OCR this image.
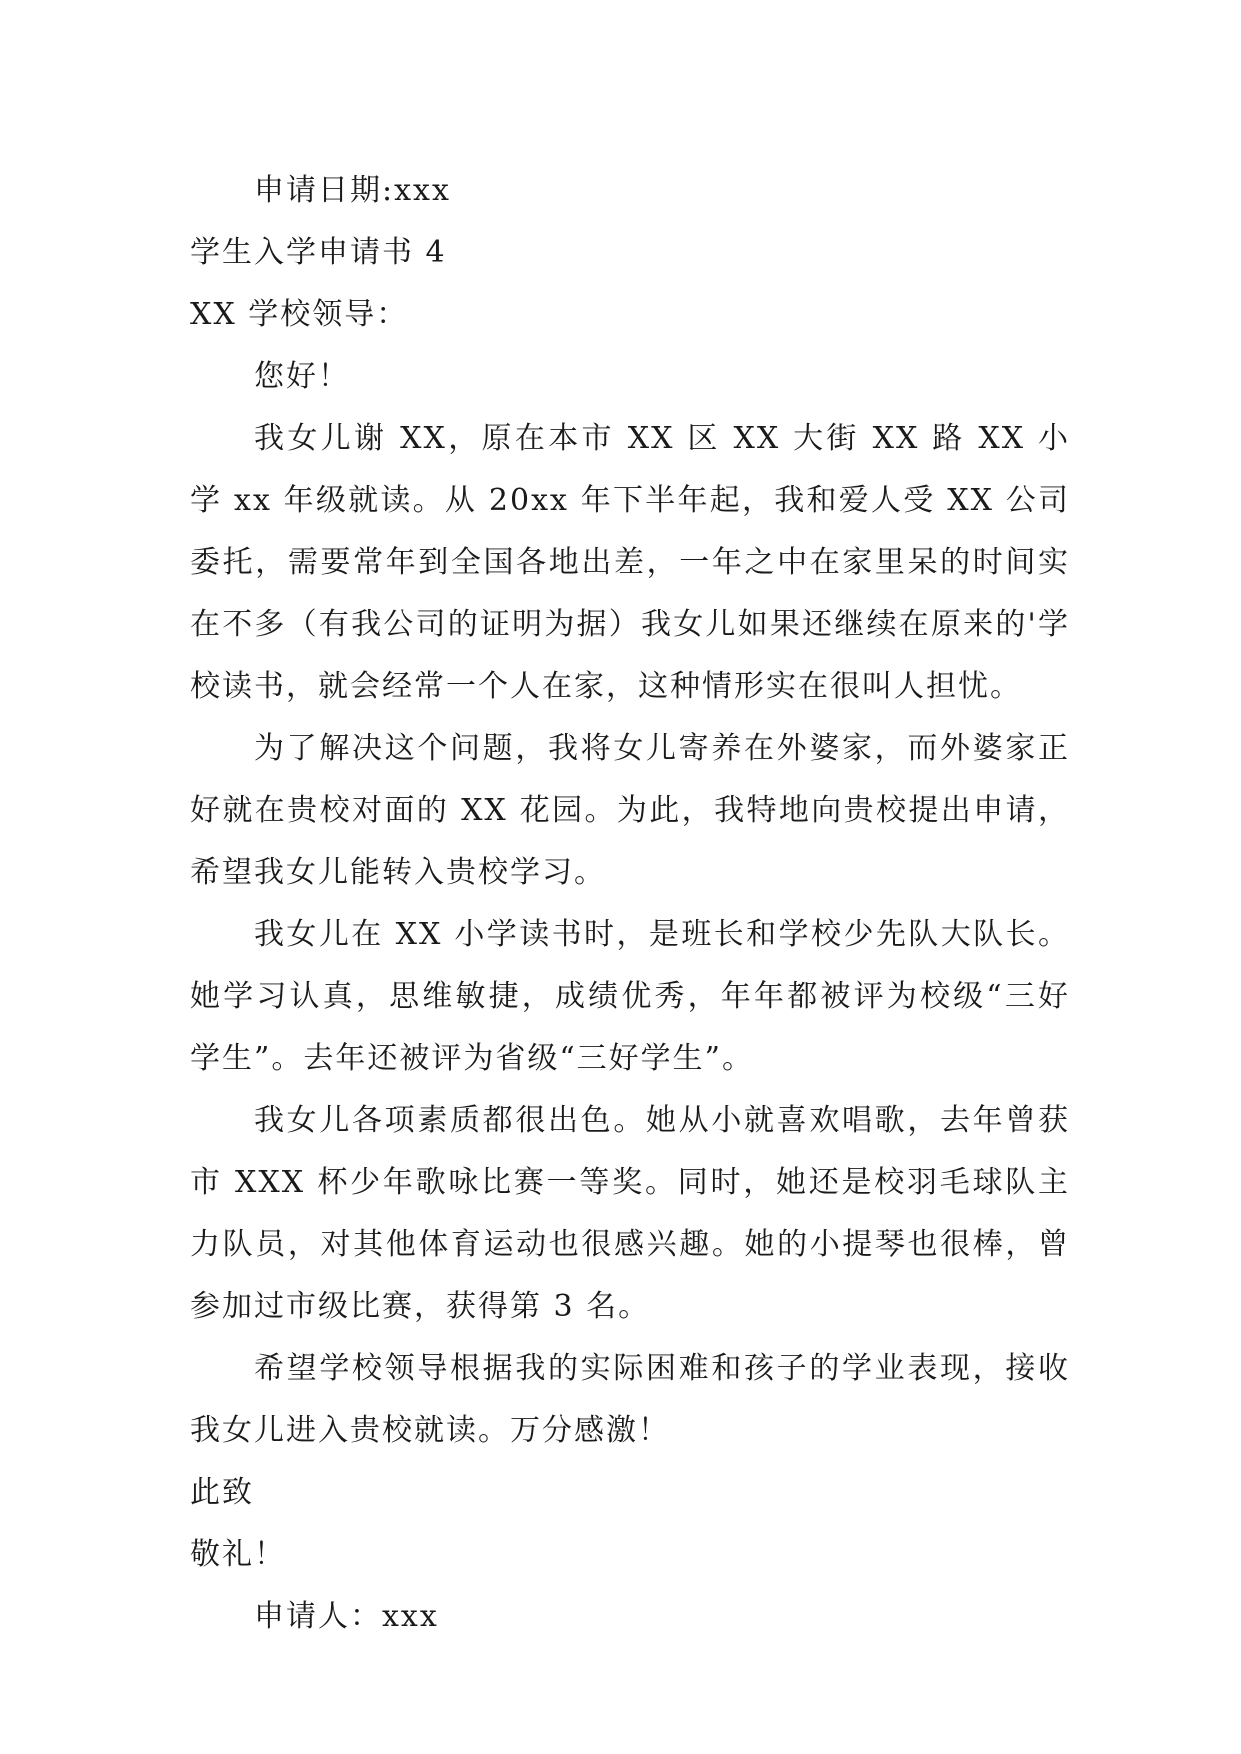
申请日期:xxx
学生入学申请书 4
XX 学校领导：
您好！

我女儿谢 XX，原在本市 XX 区 XX 大街 XX 路 XX 小学 xx 年级就读。从 20xx 年下半年起，我和爱人受 XX 公司委托，需要常年到全国各地出差，一年之中在家里呆的时间实在不多（有我公司的证明为据）我女儿如果还继续在原来的'学校读书，就会经常一个人在家，这种情形实在很叫人担忧。

为了解决这个问题，我将女儿寄养在外婆家，而外婆家正好就在贵校对面的 XX 花园。为此，我特地向贵校提出申请，希望我女儿能转入贵校学习。

我女儿在 XX 小学读书时，是班长和学校少先队大队长。她学习认真，思维敏捷，成绩优秀，年年都被评为校级“三好学生”。去年还被评为省级“三好学生”。

我女儿各项素质都很出色。她从小就喜欢唱歌，去年曾获市 XXX 杯少年歌咏比赛一等奖。同时，她还是校羽毛球队主力队员，对其他体育运动也很感兴趣。她的小提琴也很棒，曾参加过市级比赛，获得第 3 名。

希望学校领导根据我的实际困难和孩子的学业表现，接收我女儿进入贵校就读。万分感激！

此致
敬礼！
申请人：xxx
